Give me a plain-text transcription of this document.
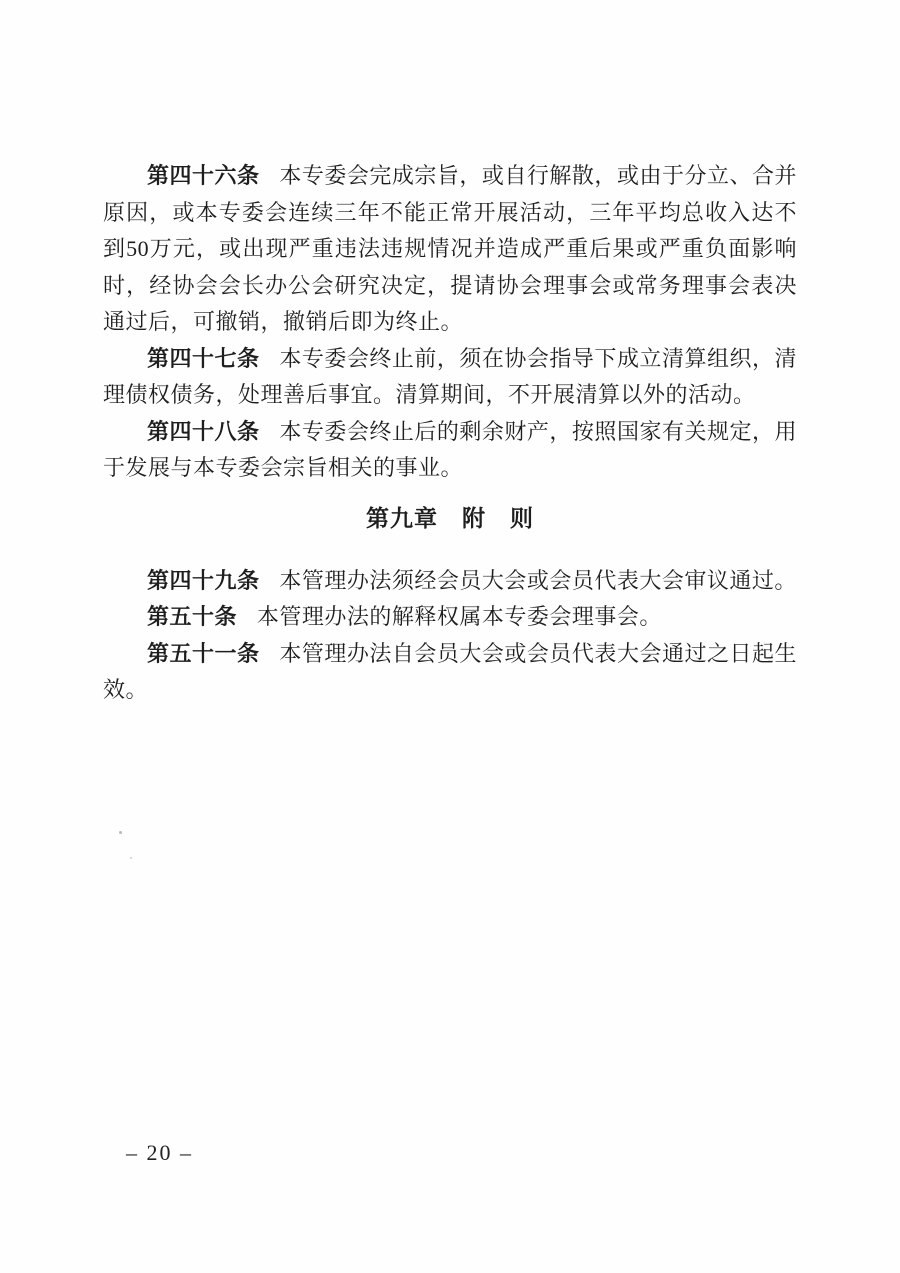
第四十六条 本专委会完成宗旨，或自行解散，或由于分立、合并原因，或本专委会连续三年不能正常开展活动，三年平均总收入达不到50万元，或出现严重违法违规情况并造成严重后果或严重负面影响时，经协会会长办公会研究决定，提请协会理事会或常务理事会表决通过后，可撤销，撤销后即为终止。

第四十七条 本专委会终止前，须在协会指导下成立清算组织，清理债权债务，处理善后事宜。清算期间，不开展清算以外的活动。

第四十八条 本专委会终止后的剩余财产，按照国家有关规定，用于发展与本专委会宗旨相关的事业。

第九章　附　则

第四十九条 本管理办法须经会员大会或会员代表大会审议通过。

第五十条 本管理办法的解释权属本专委会理事会。

第五十一条 本管理办法自会员大会或会员代表大会通过之日起生效。

– 20 –
